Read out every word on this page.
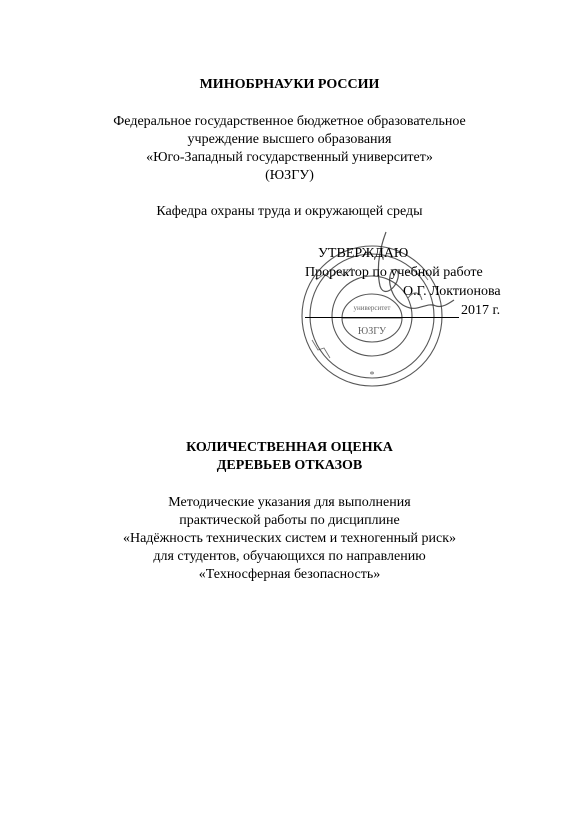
МИНОБРНАУКИ РОССИИ
Федеральное государственное бюджетное образовательное
учреждение высшего образования
«Юго-Западный государственный университет»
(ЮЗГУ)
Кафедра охраны труда и окружающей среды
университет
ЮЗГУ
*
УТВЕРЖДАЮ
Проректор по учебной работе
О.Г. Локтионова
2017 г.
КОЛИЧЕСТВЕННАЯ ОЦЕНКА
ДЕРЕВЬЕВ ОТКАЗОВ
Методические указания для выполнения
практической работы по дисциплине
«Надёжность технических систем и техногенный риск»
для студентов, обучающихся по направлению
«Техносферная безопасность»
